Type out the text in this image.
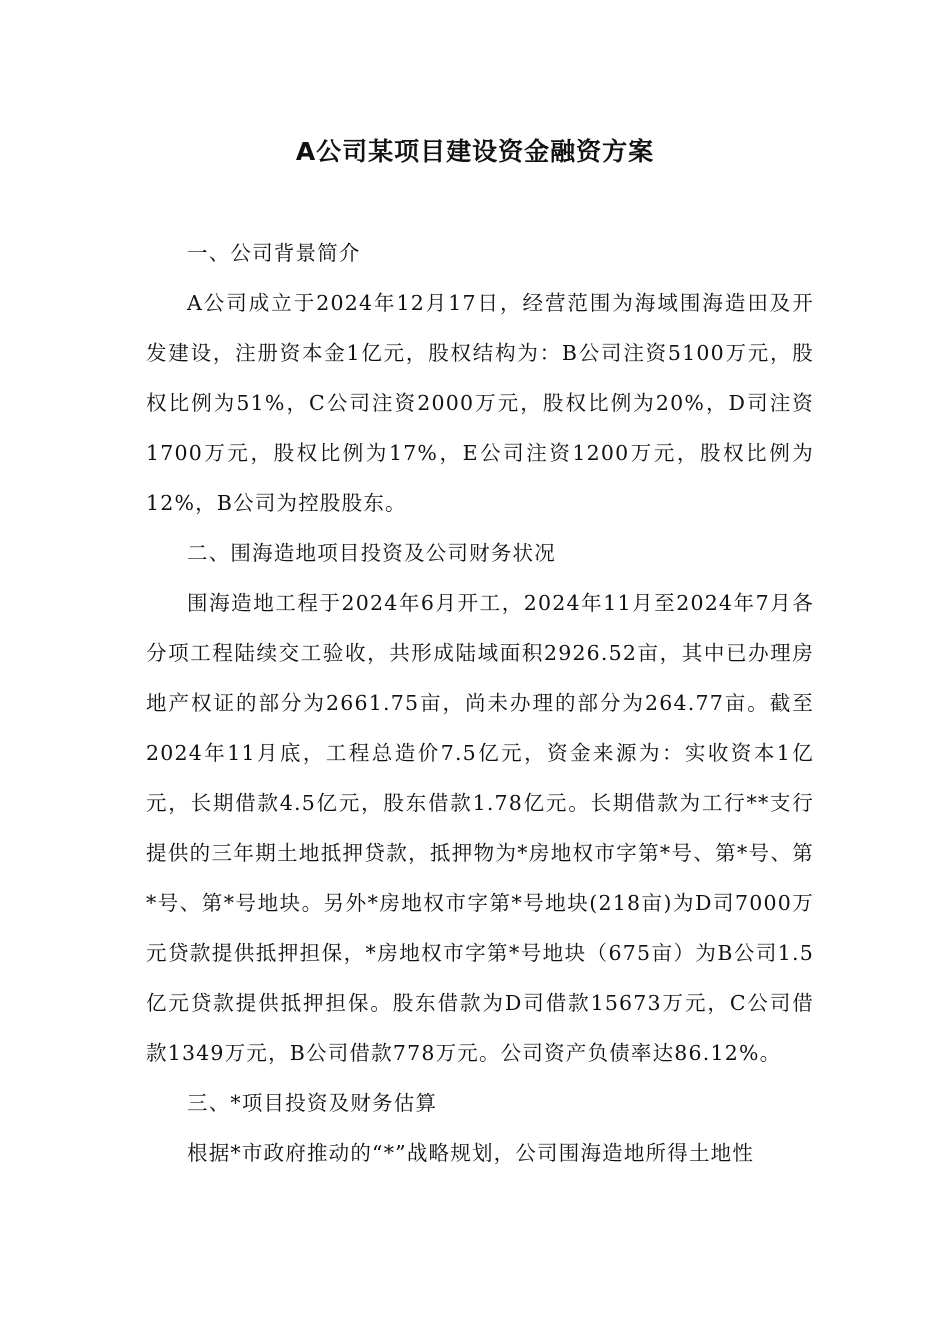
A公司某项目建设资金融资方案

一、公司背景简介

A公司成立于2024年12月17日，经营范围为海域围海造田及开发建设，注册资本金1亿元，股权结构为：B公司注资5100万元，股权比例为51%，C公司注资2000万元，股权比例为20%，D司注资1700万元，股权比例为17%，E公司注资1200万元，股权比例为12%，B公司为控股股东。

二、围海造地项目投资及公司财务状况

围海造地工程于2024年6月开工，2024年11月至2024年7月各分项工程陆续交工验收，共形成陆域面积2926.52亩，其中已办理房地产权证的部分为2661.75亩，尚未办理的部分为264.77亩。截至2024年11月底，工程总造价7.5亿元，资金来源为：实收资本1亿元，长期借款4.5亿元，股东借款1.78亿元。长期借款为工行**支行提供的三年期土地抵押贷款，抵押物为*房地权市字第*号、第*号、第*号、第*号地块。另外*房地权市字第*号地块(218亩)为D司7000万元贷款提供抵押担保，*房地权市字第*号地块（675亩）为B公司1.5亿元贷款提供抵押担保。股东借款为D司借款15673万元，C公司借款1349万元，B公司借款778万元。公司资产负债率达86.12%。

三、*项目投资及财务估算

根据*市政府推动的“*”战略规划，公司围海造地所得土地性
